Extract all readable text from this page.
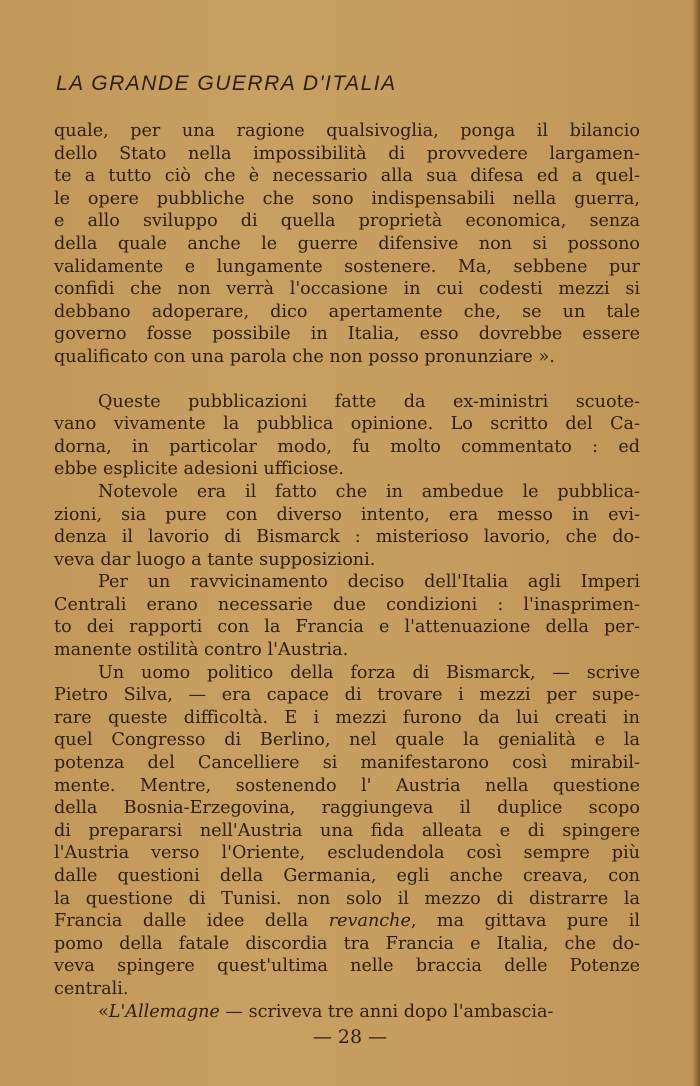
LA GRANDE GUERRA D'ITALIA
quale, per una ragione qualsivoglia, ponga il bilancio
dello Stato nella impossibilità di provvedere largamen-
te a tutto ciò che è necessario alla sua difesa ed a quel-
le opere pubbliche che sono indispensabili nella guerra,
e allo sviluppo di quella proprietà economica, senza
della quale anche le guerre difensive non si possono
validamente e lungamente sostenere. Ma, sebbene pur
confidi che non verrà l'occasione in cui codesti mezzi si
debbano adoperare, dico apertamente che, se un tale
governo fosse possibile in Italia, esso dovrebbe essere
qualificato con una parola che non posso pronunziare ».
Queste pubblicazioni fatte da ex-ministri scuote-
vano vivamente la pubblica opinione. Lo scritto del Ca-
dorna, in particolar modo, fu molto commentato : ed
ebbe esplicite adesioni ufficiose.
Notevole era il fatto che in ambedue le pubblica-
zioni, sia pure con diverso intento, era messo in evi-
denza il lavorio di Bismarck : misterioso lavorio, che do-
veva dar luogo a tante supposizioni.
Per un ravvicinamento deciso dell'Italia agli Imperi
Centrali erano necessarie due condizioni : l'inasprimen-
to dei rapporti con la Francia e l'attenuazione della per-
manente ostilità contro l'Austria.
Un uomo politico della forza di Bismarck, — scrive
Pietro Silva, — era capace di trovare i mezzi per supe-
rare queste difficoltà. E i mezzi furono da lui creati in
quel Congresso di Berlino, nel quale la genialità e la
potenza del Cancelliere si manifestarono così mirabil-
mente. Mentre, sostenendo l' Austria nella questione
della Bosnia-Erzegovina, raggiungeva il duplice scopo
di prepararsi nell'Austria una fida alleata e di spingere
l'Austria verso l'Oriente, escludendola così sempre più
dalle questioni della Germania, egli anche creava, con
la questione di Tunisi. non solo il mezzo di distrarre la
Francia dalle idee della revanche, ma gittava pure il
pomo della fatale discordia tra Francia e Italia, che do-
veva spingere quest'ultima nelle braccia delle Potenze
centrali.
«L'Allemagne — scriveva tre anni dopo l'ambascia-
— 28 —
